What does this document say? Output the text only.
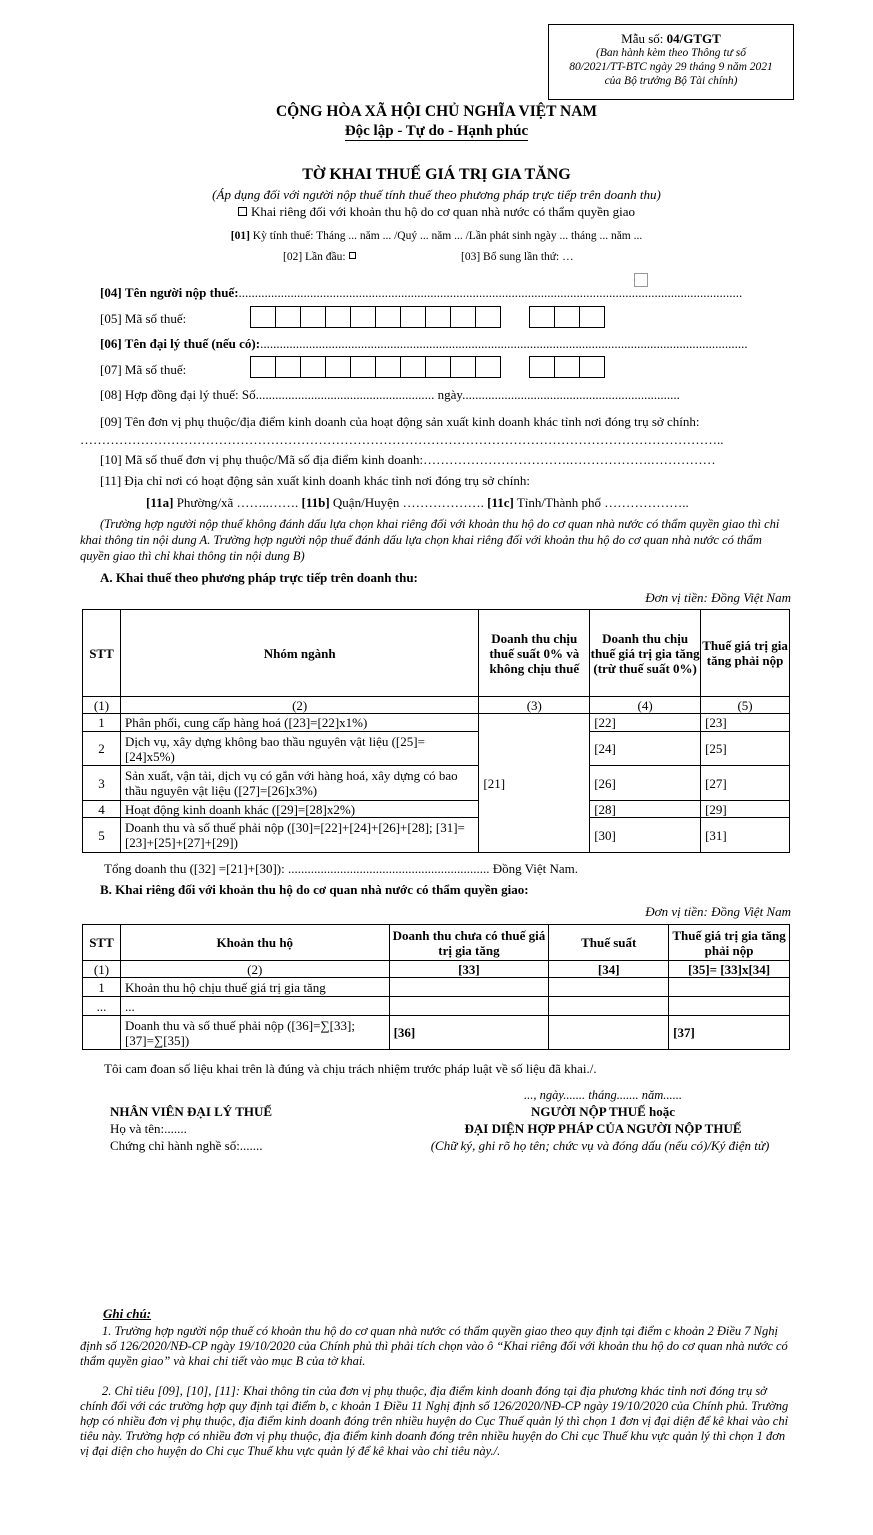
Mẫu số: 04/GTGT
(Ban hành kèm theo Thông tư số
80/2021/TT-BTC ngày 29 tháng 9 năm 2021
của Bộ trưởng Bộ Tài chính)
CỘNG HÒA XÃ HỘI CHỦ NGHĨA VIỆT NAM
Độc lập - Tự do - Hạnh phúc
TỜ KHAI THUẾ GIÁ TRỊ GIA TĂNG
(Áp dụng đối với người nộp thuế tính thuế theo phương pháp trực tiếp trên doanh thu)
Khai riêng đối với khoản thu hộ do cơ quan nhà nước có thẩm quyền giao
[01] Kỳ tính thuế: Tháng ... năm ... /Quý ... năm ... /Lần phát sinh ngày ... tháng ... năm ...
[02] Lần đầu:	[03] Bổ sung lần thứ: …
[04] Tên người nộp thuế:...........................................................................................................................................................
[05] Mã số thuế:
[06] Tên đại lý thuế (nếu có):......................................................................................................................................................
[07] Mã số thuế:
[08] Hợp đồng đại lý thuế: Số....................................................... ngày...................................................................
[09] Tên đơn vị phụ thuộc/địa điểm kinh doanh của hoạt động sản xuất kinh doanh khác tỉnh nơi đóng trụ sở chính:
…………………………………………………………………………………………………………………………………..
[10] Mã số thuế đơn vị phụ thuộc/Mã số địa điểm kinh doanh:…………………………….……………….……………
[11] Địa chỉ nơi có hoạt động sản xuất kinh doanh khác tỉnh nơi đóng trụ sở chính:
[11a] Phường/xã ……..……. [11b] Quận/Huyện ………………. [11c] Tỉnh/Thành phố ………………..
(Trường hợp người nộp thuế không đánh dấu lựa chọn khai riêng đối với khoản thu hộ do cơ quan nhà nước có thẩm quyền giao thì chỉ khai thông tin nội dung A. Trường hợp người nộp thuế đánh dấu lựa chọn khai riêng đối với khoản thu hộ do cơ quan nhà nước có thẩm quyền giao thì chỉ khai thông tin nội dung B)
A. Khai thuế theo phương pháp trực tiếp trên doanh thu:
Đơn vị tiền: Đồng Việt Nam
STT	Nhóm ngành	Doanh thu chịu thuế suất 0% và không chịu thuế	Doanh thu chịu thuế giá trị gia tăng (trừ thuế suất 0%)	Thuế giá trị gia tăng phải nộp
(1)	(2)	(3)	(4)	(5)
1	Phân phối, cung cấp hàng hoá ([23]=[22]x1%)	[21]	[22]	[23]
2	Dịch vụ, xây dựng không bao thầu nguyên vật liệu ([25]=[24]x5%)		[24]	[25]
3	Sản xuất, vận tải, dịch vụ có gắn với hàng hoá, xây dựng có bao thầu nguyên vật liệu ([27]=[26]x3%)		[26]	[27]
4	Hoạt động kinh doanh khác ([29]=[28]x2%)		[28]	[29]
5	Doanh thu và số thuế phải nộp ([30]=[22]+[24]+[26]+[28]; [31]=[23]+[25]+[27]+[29])		[30]	[31]
Tổng doanh thu ([32] =[21]+[30]): .............................................................. Đồng Việt Nam.
B. Khai riêng đối với khoản thu hộ do cơ quan nhà nước có thẩm quyền giao:
Đơn vị tiền: Đồng Việt Nam
STT	Khoản thu hộ	Doanh thu chưa có thuế giá trị gia tăng	Thuế suất	Thuế giá trị gia tăng phải nộp
(1)	(2)	[33]	[34]	[35]= [33]x[34]
1	Khoản thu hộ chịu thuế giá trị gia tăng			
...	...			
	Doanh thu và số thuế phải nộp ([36]=∑[33]; [37]=∑[35])	[36]		[37]
Tôi cam đoan số liệu khai trên là đúng và chịu trách nhiệm trước pháp luật về số liệu đã khai./.
..., ngày....... tháng....... năm......
NHÂN VIÊN ĐẠI LÝ THUẾ
Họ và tên:.......
Chứng chỉ hành nghề số:.......
NGƯỜI NỘP THUẾ hoặc
ĐẠI DIỆN HỢP PHÁP CỦA NGƯỜI NỘP THUẾ
(Chữ ký, ghi rõ họ tên; chức vụ và đóng dấu (nếu có)/Ký điện tử)
Ghi chú:
1. Trường hợp người nộp thuế có khoản thu hộ do cơ quan nhà nước có thẩm quyền giao theo quy định tại điểm c khoản 2 Điều 7 Nghị định số 126/2020/NĐ-CP ngày 19/10/2020 của Chính phủ thì phải tích chọn vào ô “Khai riêng đối với khoản thu hộ do cơ quan nhà nước có thẩm quyền giao” và khai chi tiết vào mục B của tờ khai.
2. Chỉ tiêu [09], [10], [11]: Khai thông tin của đơn vị phụ thuộc, địa điểm kinh doanh đóng tại địa phương khác tỉnh nơi đóng trụ sở chính đối với các trường hợp quy định tại điểm b, c khoản 1 Điều 11 Nghị định số 126/2020/NĐ-CP ngày 19/10/2020 của Chính phủ. Trường hợp có nhiều đơn vị phụ thuộc, địa điểm kinh doanh đóng trên nhiều huyện do Cục Thuế quản lý thì chọn 1 đơn vị đại diện để kê khai vào chỉ tiêu này. Trường hợp có nhiều đơn vị phụ thuộc, địa điểm kinh doanh đóng trên nhiều huyện do Chi cục Thuế khu vực quản lý thì chọn 1 đơn vị đại diện cho huyện do Chi cục Thuế khu vực quản lý để kê khai vào chỉ tiêu này./.
